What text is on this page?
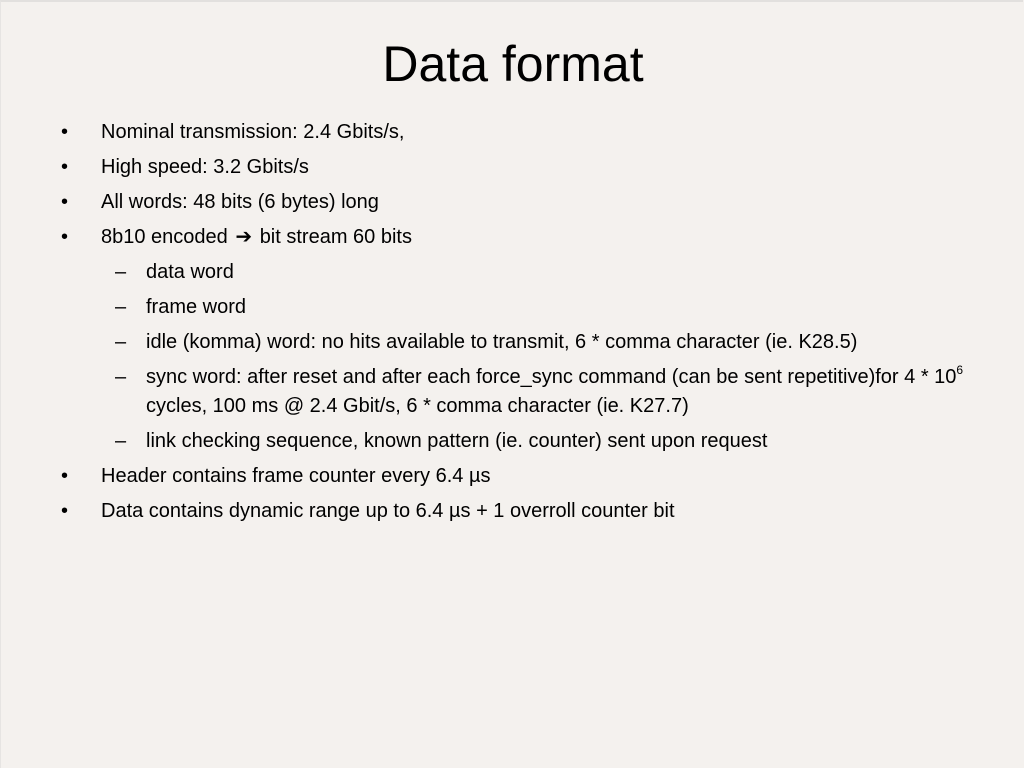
Data format
• Nominal transmission: 2.4 Gbits/s,
• High speed: 3.2 Gbits/s
• All words: 48 bits (6 bytes) long
• 8b10 encoded ➔ bit stream 60 bits
– data word
– frame word
– idle (komma) word: no hits available to transmit, 6 * comma character (ie. K28.5)
– sync word: after reset and after each force_sync command (can be sent repetitive)for $4 * 10^6$ cycles, 100 ms @ 2.4 Gbit/s, 6 * comma character (ie. K27.7)
– link checking sequence, known pattern (ie. counter) sent upon request
• Header contains frame counter every 6.4 µs
• Data contains dynamic range up to 6.4 µs + 1 overroll counter bit
